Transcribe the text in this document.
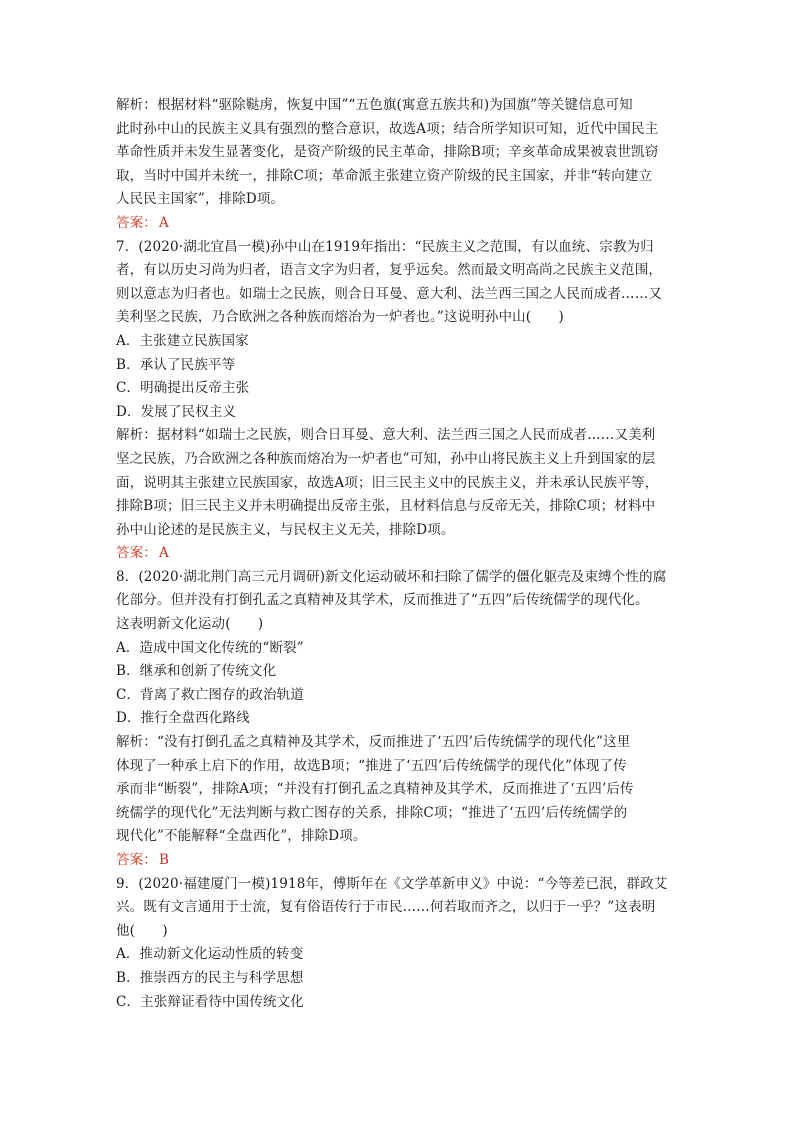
解析：根据材料“驱除鞑虏，恢复中国”“五色旗(寓意五族共和)为国旗”等关键信息可知
此时孙中山的民族主义具有强烈的整合意识，故选A项；结合所学知识可知，近代中国民主
革命性质并未发生显著变化，是资产阶级的民主革命，排除B项；辛亥革命成果被袁世凯窃
取，当时中国并未统一，排除C项；革命派主张建立资产阶级的民主国家，并非“转向建立
人民民主国家”，排除D项。
答案： A
7．(2020·湖北宜昌一模)孙中山在1919年指出：“民族主义之范围，有以血统、宗教为归
者，有以历史习尚为归者，语言文字为归者，复乎远矣。然而最文明高尚之民族主义范围，
则以意志为归者也。如瑞士之民族，则合日耳曼、意大利、法兰西三国之人民而成者……又
美利坚之民族，乃合欧洲之各种族而熔冶为一炉者也。”这说明孙中山(　　)
A．主张建立民族国家
B．承认了民族平等
C．明确提出反帝主张
D．发展了民权主义
解析：据材料“如瑞士之民族，则合日耳曼、意大利、法兰西三国之人民而成者……又美利
坚之民族，乃合欧洲之各种族而熔冶为一炉者也”可知，孙中山将民族主义上升到国家的层
面，说明其主张建立民族国家，故选A项；旧三民主义中的民族主义，并未承认民族平等，
排除B项；旧三民主义并未明确提出反帝主张，且材料信息与反帝无关，排除C项；材料中
孙中山论述的是民族主义，与民权主义无关，排除D项。
答案： A
8．(2020·湖北荆门高三元月调研)新文化运动破坏和扫除了儒学的僵化躯壳及束缚个性的腐
化部分。但并没有打倒孔孟之真精神及其学术，反而推进了“五四”后传统儒学的现代化。
这表明新文化运动(　　)
A．造成中国文化传统的“断裂”
B．继承和创新了传统文化
C．背离了救亡图存的政治轨道
D．推行全盘西化路线
解析：“没有打倒孔孟之真精神及其学术，反而推进了‘五四’后传统儒学的现代化”这里
体现了一种承上启下的作用，故选B项；“推进了‘五四’后传统儒学的现代化”体现了传
承而非“断裂”，排除A项；“并没有打倒孔孟之真精神及其学术，反而推进了‘五四’后传
统儒学的现代化”无法判断与救亡图存的关系，排除C项；“推进了‘五四’后传统儒学的
现代化”不能解释“全盘西化”，排除D项。
答案： B
9．(2020·福建厦门一模)1918年，傅斯年在《文学革新申义》中说：“今等差已泯，群政艾
兴。既有文言通用于士流，复有俗语传行于市民……何若取而齐之，以归于一乎？”这表明
他(　　)
A．推动新文化运动性质的转变
B．推崇西方的民主与科学思想
C．主张辩证看待中国传统文化
